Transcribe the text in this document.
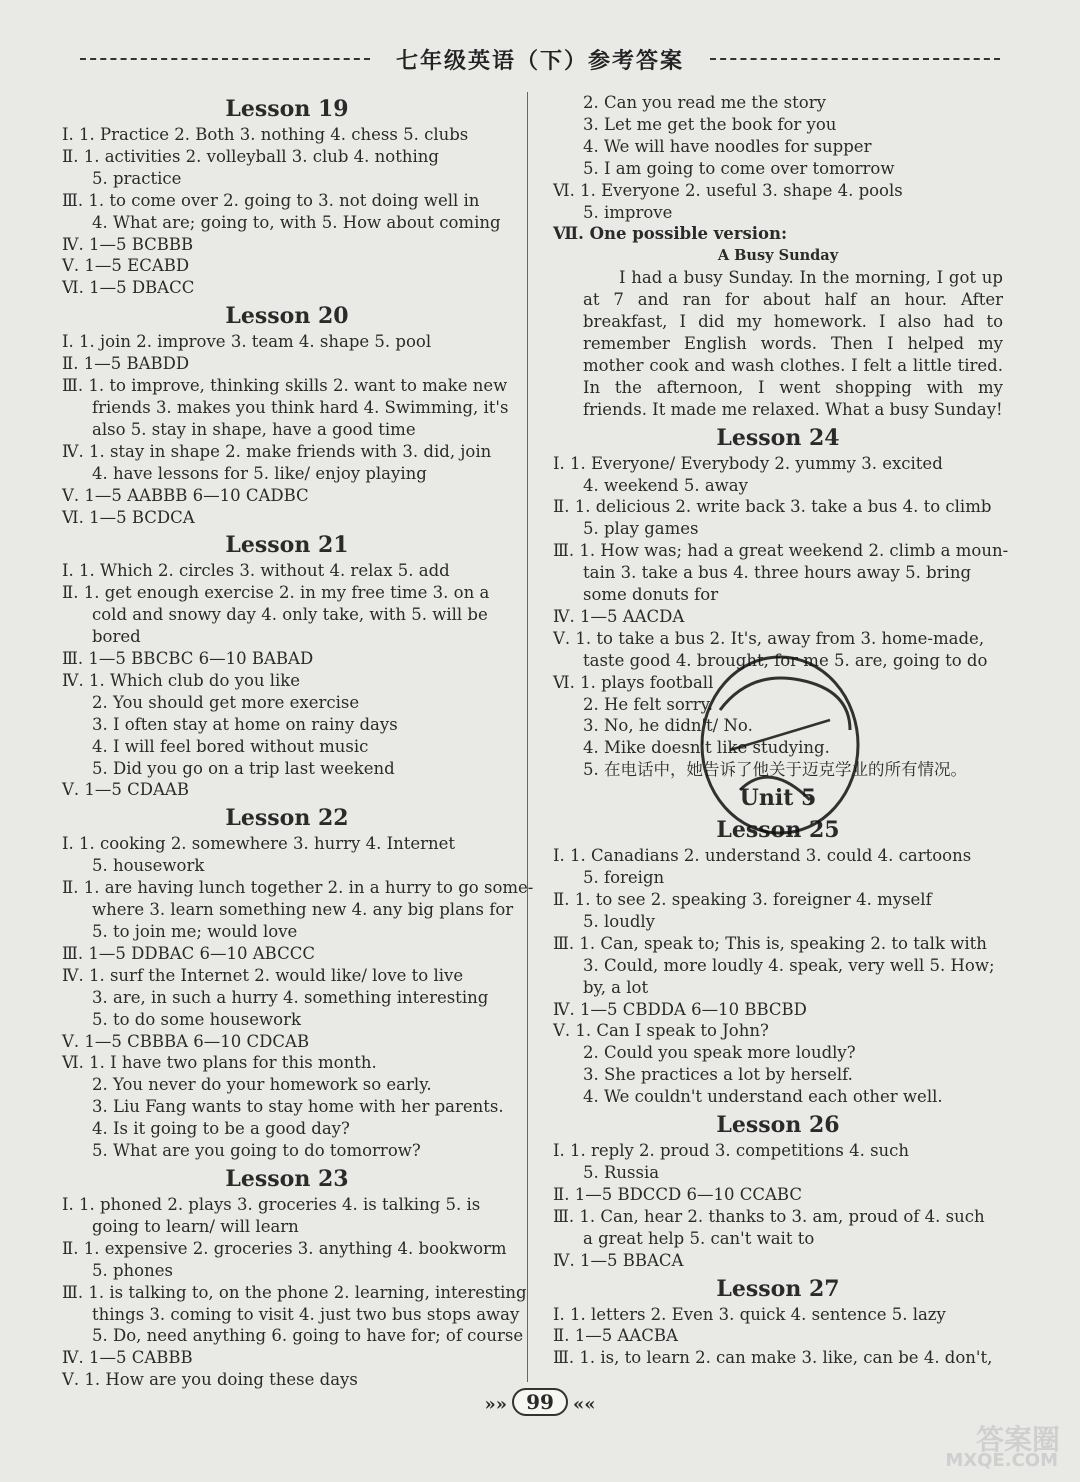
七年级英语（下）参考答案
Lesson 19
Ⅰ. 1. Practice 2. Both 3. nothing 4. chess 5. clubs
Ⅱ. 1. activities 2. volleyball 3. club 4. nothing
5. practice
Ⅲ. 1. to come over 2. going to 3. not doing well in
4. What are; going to, with 5. How about coming
Ⅳ. 1—5 BCBBB
Ⅴ. 1—5 ECABD
Ⅵ. 1—5 DBACC
Lesson 20
Ⅰ. 1. join 2. improve 3. team 4. shape 5. pool
Ⅱ. 1—5 BABDD
Ⅲ. 1. to improve, thinking skills 2. want to make new
friends 3. makes you think hard 4. Swimming, it's
also 5. stay in shape, have a good time
Ⅳ. 1. stay in shape 2. make friends with 3. did, join
4. have lessons for 5. like/ enjoy playing
Ⅴ. 1—5 AABBB 6—10 CADBC
Ⅵ. 1—5 BCDCA
Lesson 21
Ⅰ. 1. Which 2. circles 3. without 4. relax 5. add
Ⅱ. 1. get enough exercise 2. in my free time 3. on a
cold and snowy day 4. only take, with 5. will be
bored
Ⅲ. 1—5 BBCBC 6—10 BABAD
Ⅳ. 1. Which club do you like
2. You should get more exercise
3. I often stay at home on rainy days
4. I will feel bored without music
5. Did you go on a trip last weekend
Ⅴ. 1—5 CDAAB
Lesson 22
Ⅰ. 1. cooking 2. somewhere 3. hurry 4. Internet
5. housework
Ⅱ. 1. are having lunch together 2. in a hurry to go some-
where 3. learn something new 4. any big plans for
5. to join me; would love
Ⅲ. 1—5 DDBAC 6—10 ABCCC
Ⅳ. 1. surf the Internet 2. would like/ love to live
3. are, in such a hurry 4. something interesting
5. to do some housework
Ⅴ. 1—5 CBBBA 6—10 CDCAB
Ⅵ. 1. I have two plans for this month.
2. You never do your homework so early.
3. Liu Fang wants to stay home with her parents.
4. Is it going to be a good day?
5. What are you going to do tomorrow?
Lesson 23
Ⅰ. 1. phoned 2. plays 3. groceries 4. is talking 5. is
going to learn/ will learn
Ⅱ. 1. expensive 2. groceries 3. anything 4. bookworm
5. phones
Ⅲ. 1. is talking to, on the phone 2. learning, interesting
things 3. coming to visit 4. just two bus stops away
5. Do, need anything 6. going to have for; of course
Ⅳ. 1—5 CABBB
Ⅴ. 1. How are you doing these days
2. Can you read me the story
3. Let me get the book for you
4. We will have noodles for supper
5. I am going to come over tomorrow
Ⅵ. 1. Everyone 2. useful 3. shape 4. pools
5. improve
Ⅶ. One possible version:
A Busy Sunday
I had a busy Sunday. In the morning, I got up at 7 and ran for about half an hour. After breakfast, I did my homework. I also had to remember English words. Then I helped my mother cook and wash clothes. I felt a little tired. In the afternoon, I went shopping with my friends. It made me relaxed. What a busy Sunday!
Lesson 24
Ⅰ. 1. Everyone/ Everybody 2. yummy 3. excited
4. weekend 5. away
Ⅱ. 1. delicious 2. write back 3. take a bus 4. to climb
5. play games
Ⅲ. 1. How was; had a great weekend 2. climb a moun-
tain 3. take a bus 4. three hours away 5. bring
some donuts for
Ⅳ. 1—5 AACDA
Ⅴ. 1. to take a bus 2. It's, away from 3. home-made,
taste good 4. brought, for me 5. are, going to do
Ⅵ. 1. plays football
2. He felt sorry.
3. No, he didn't/ No.
4. Mike doesn't like studying.
5. 在电话中，她告诉了他关于迈克学业的所有情况。
Unit 5
Lesson 25
Ⅰ. 1. Canadians 2. understand 3. could 4. cartoons
5. foreign
Ⅱ. 1. to see 2. speaking 3. foreigner 4. myself
5. loudly
Ⅲ. 1. Can, speak to; This is, speaking 2. to talk with
3. Could, more loudly 4. speak, very well 5. How;
by, a lot
Ⅳ. 1—5 CBDDA 6—10 BBCBD
Ⅴ. 1. Can I speak to John?
2. Could you speak more loudly?
3. She practices a lot by herself.
4. We couldn't understand each other well.
Lesson 26
Ⅰ. 1. reply 2. proud 3. competitions 4. such
5. Russia
Ⅱ. 1—5 BDCCD 6—10 CCABC
Ⅲ. 1. Can, hear 2. thanks to 3. am, proud of 4. such
a great help 5. can't wait to
Ⅳ. 1—5 BBACA
Lesson 27
Ⅰ. 1. letters 2. Even 3. quick 4. sentence 5. lazy
Ⅱ. 1—5 AACBA
Ⅲ. 1. is, to learn 2. can make 3. like, can be 4. don't,
»» 99 ««
答案圈
MXQE.COM
